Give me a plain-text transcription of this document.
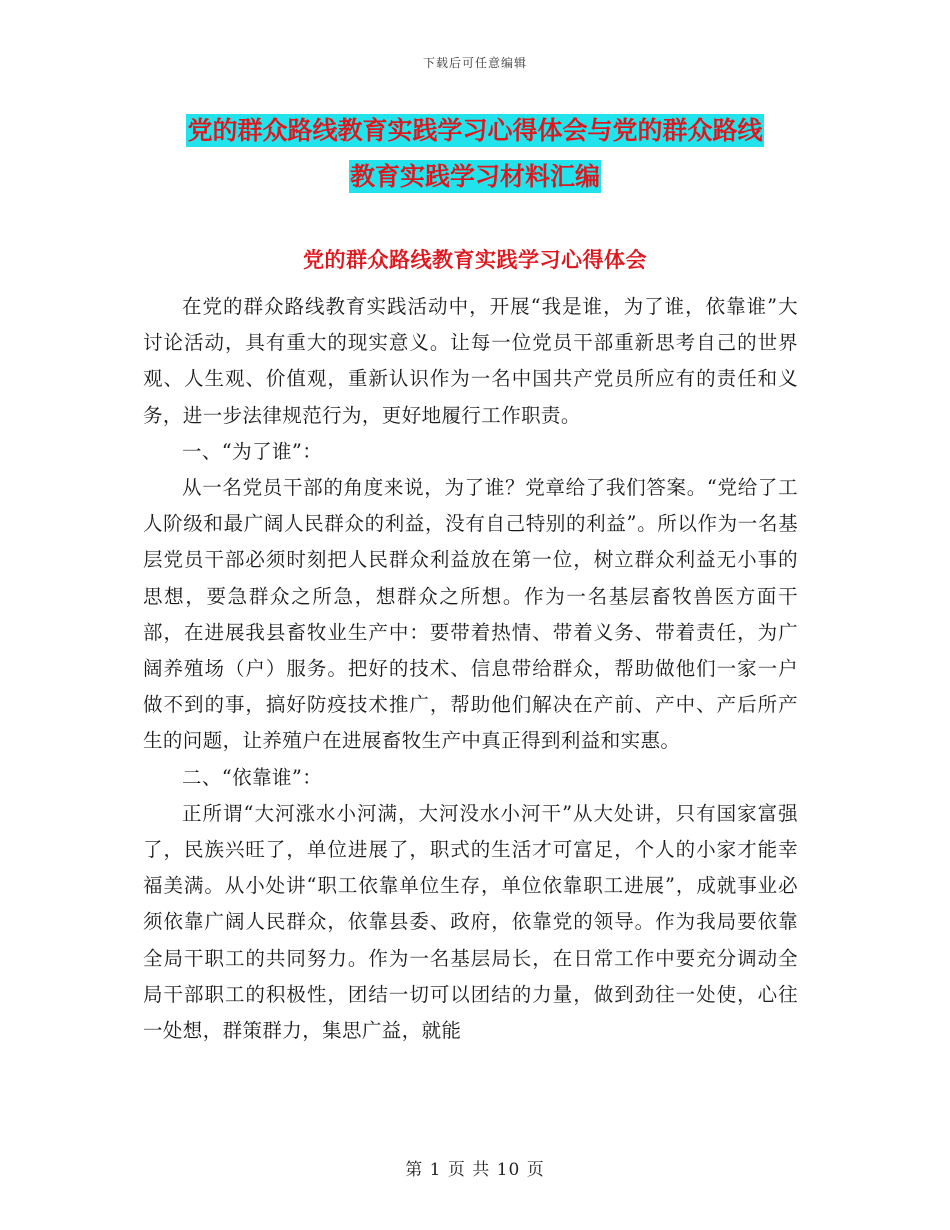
下载后可任意编辑
党的群众路线教育实践学习心得体会与党的群众路线
教育实践学习材料汇编
党的群众路线教育实践学习心得体会

在党的群众路线教育实践活动中，开展“我是谁，为了谁，依靠谁”大讨论活动，具有重大的现实意义。让每一位党员干部重新思考自己的世界观、人生观、价值观，重新认识作为一名中国共产党员所应有的责任和义务，进一步法律规范行为，更好地履行工作职责。

一、“为了谁”：

从一名党员干部的角度来说，为了谁？党章给了我们答案。“党给了工人阶级和最广阔人民群众的利益，没有自己特别的利益”。所以作为一名基层党员干部必须时刻把人民群众利益放在第一位，树立群众利益无小事的思想，要急群众之所急，想群众之所想。作为一名基层畜牧兽医方面干部，在进展我县畜牧业生产中：要带着热情、带着义务、带着责任，为广阔养殖场（户）服务。把好的技术、信息带给群众，帮助做他们一家一户做不到的事，搞好防疫技术推广，帮助他们解决在产前、产中、产后所产生的问题，让养殖户在进展畜牧生产中真正得到利益和实惠。

二、“依靠谁”：

正所谓“大河涨水小河满，大河没水小河干”从大处讲，只有国家富强了，民族兴旺了，单位进展了，职式的生活才可富足，个人的小家才能幸福美满。从小处讲“职工依靠单位生存，单位依靠职工进展”，成就事业必须依靠广阔人民群众，依靠县委、政府，依靠党的领导。作为我局要依靠全局干职工的共同努力。作为一名基层局长，在日常工作中要充分调动全局干部职工的积极性，团结一切可以团结的力量，做到劲往一处使，心往一处想，群策群力，集思广益，就能

第 1 页 共 10 页
